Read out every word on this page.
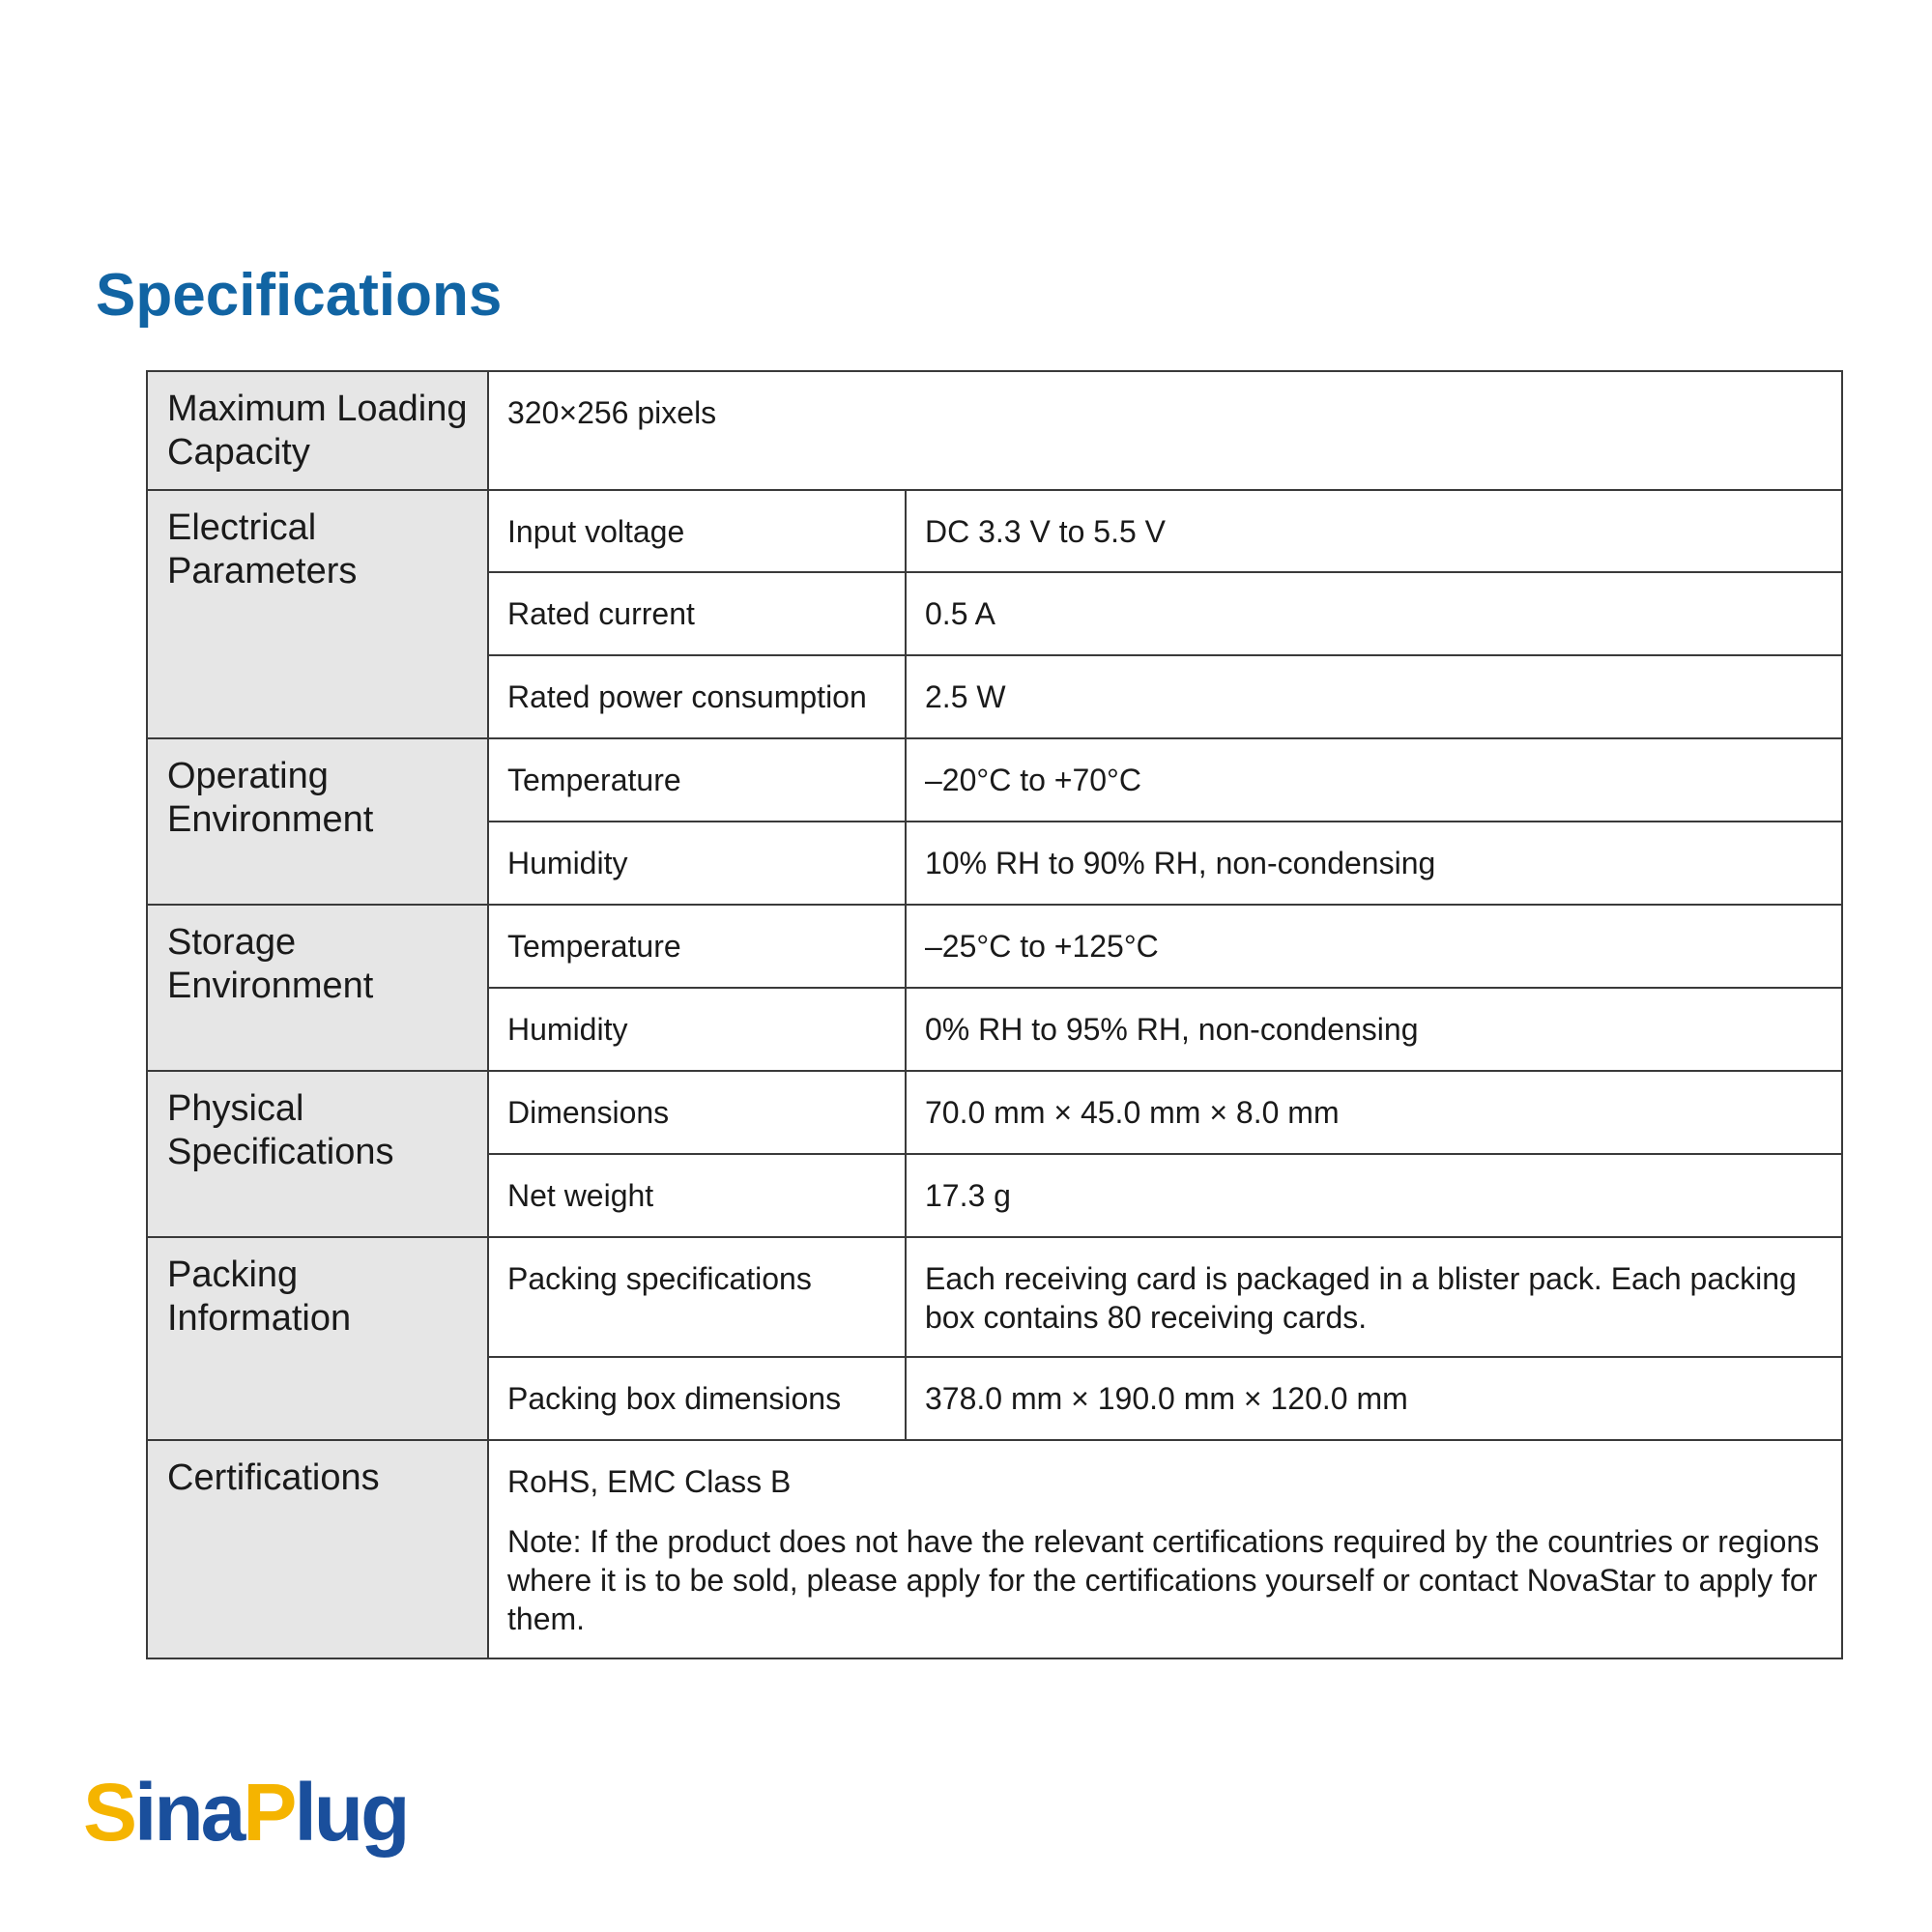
Specifications
Maximum Loading Capacity	320×256 pixels	

Electrical Parameters	Input voltage	DC 3.3 V to 5.5 V
	Rated current	0.5 A
	Rated power consumption	2.5 W

Operating Environment	Temperature	–20°C to +70°C
	Humidity	10% RH to 90% RH, non-condensing

Storage Environment	Temperature	–25°C to +125°C
	Humidity	0% RH to 95% RH, non-condensing

Physical Specifications	Dimensions	70.0 mm × 45.0 mm × 8.0 mm
	Net weight	17.3 g

Packing Information	Packing specifications	Each receiving card is packaged in a blister pack. Each packing box contains 80 receiving cards.
	Packing box dimensions	378.0 mm × 190.0 mm × 120.0 mm

Certifications	RoHS, EMC Class B
Note: If the product does not have the relevant certifications required by the countries or regions where it is to be sold, please apply for the certifications yourself or contact NovaStar to apply for them.	
SinaPlug
